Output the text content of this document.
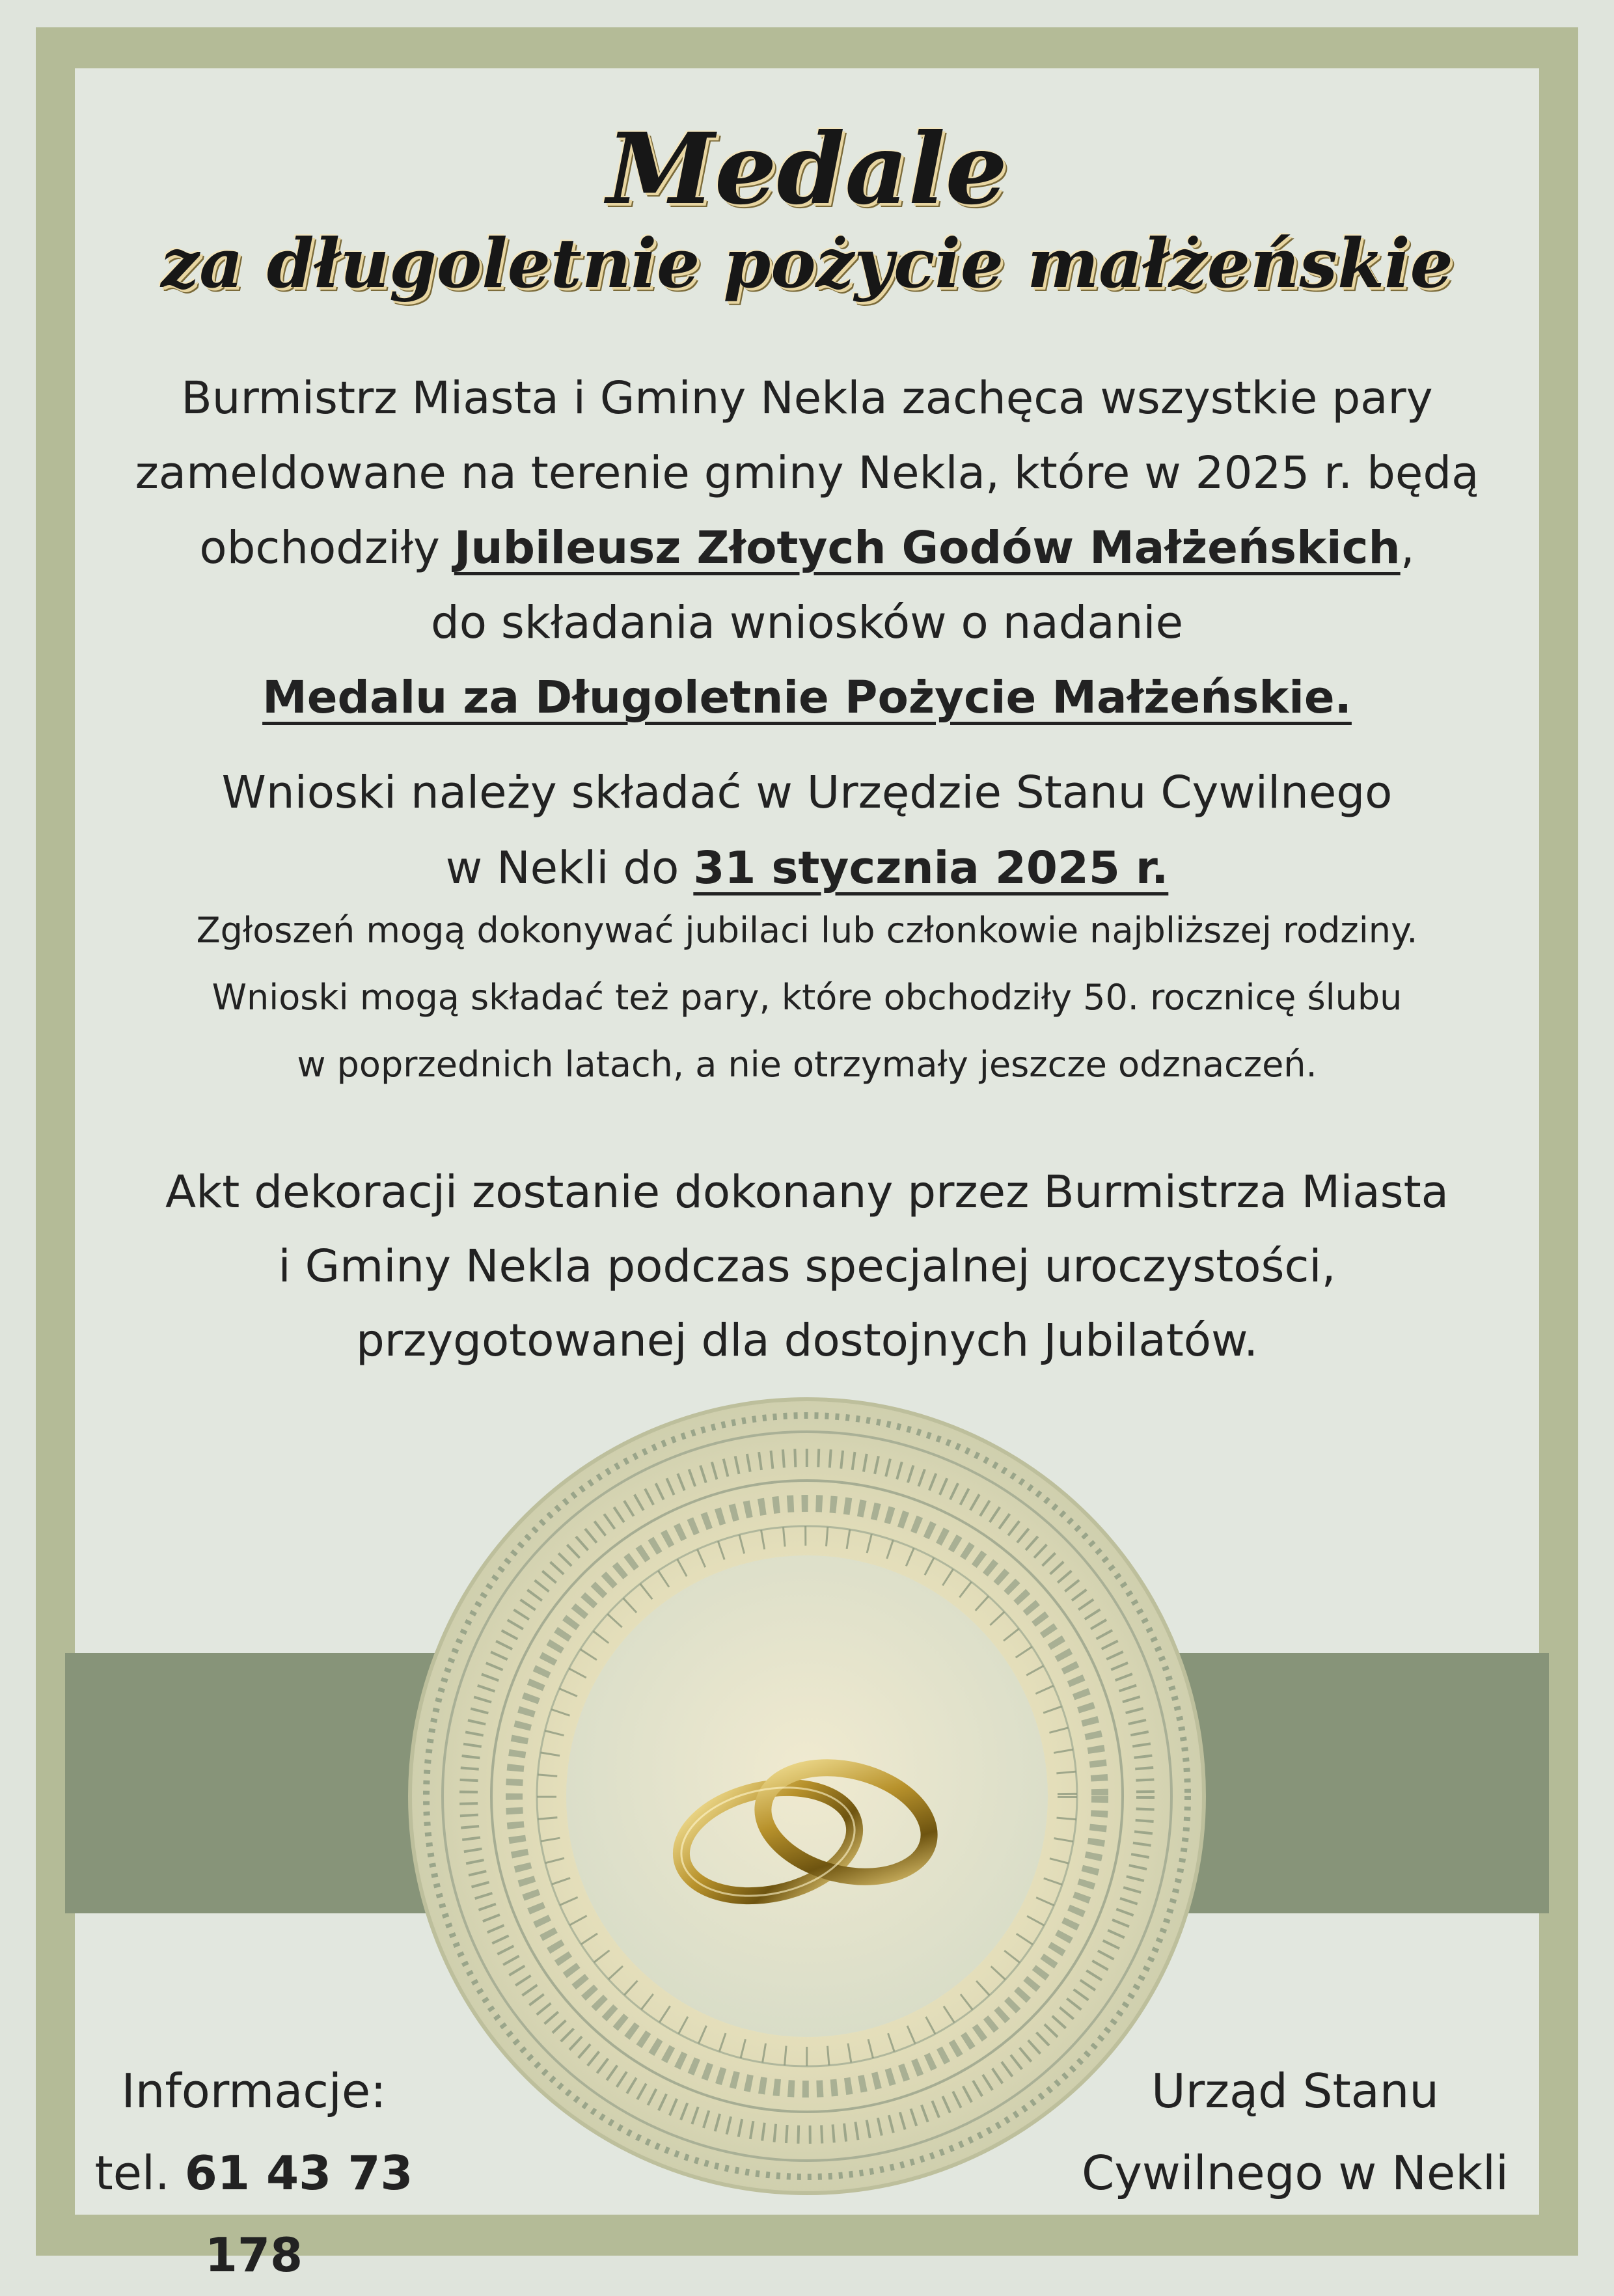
Medale
za długoletnie pożycie małżeńskie

Burmistrz Miasta i Gminy Nekla zachęca wszystkie pary
zameldowane na terenie gminy Nekla, które w 2025 r. będą
obchodziły Jubileusz Złotych Godów Małżeńskich,
do składania wniosków o nadanie
Medalu za Długoletnie Pożycie Małżeńskie.

Wnioski należy składać w Urzędzie Stanu Cywilnego
w Nekli do 31 stycznia 2025 r.

Zgłoszeń mogą dokonywać jubilaci lub członkowie najbliższej rodziny.
Wnioski mogą składać też pary, które obchodziły 50. rocznicę ślubu
w poprzednich latach, a nie otrzymały jeszcze odznaczeń.

Akt dekoracji zostanie dokonany przez Burmistrza Miasta
i Gminy Nekla podczas specjalnej uroczystości,
przygotowanej dla dostojnych Jubilatów.

Informacje:
tel. 61 43 73 178
Urząd Stanu
Cywilnego w Nekli
